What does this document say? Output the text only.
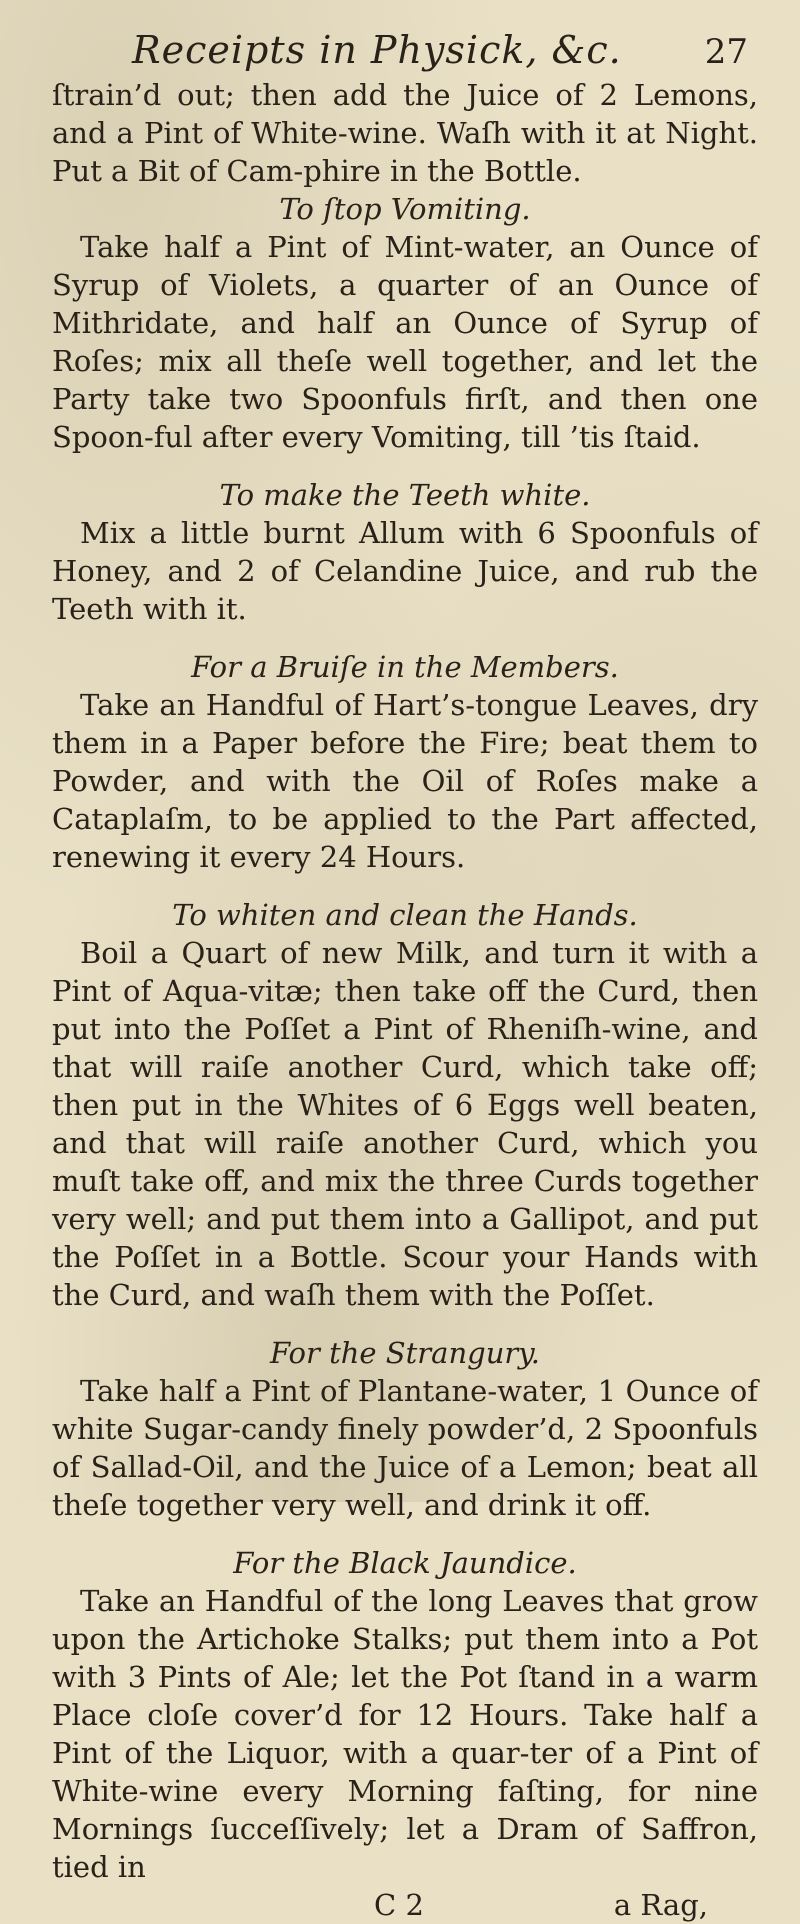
Receipts in Physick, &c. 27

ſtrain’d out; then add the Juice of 2 Lemons, and a Pint of White-wine. Waſh with it at Night. Put a Bit of Cam-phire in the Bottle.

To ſtop Vomiting.

Take half a Pint of Mint-water, an Ounce of Syrup of Violets, a quarter of an Ounce of Mithridate, and half an Ounce of Syrup of Roſes; mix all theſe well together, and let the Party take two Spoonfuls firſt, and then one Spoon-ful after every Vomiting, till ’tis ſtaid.

To make the Teeth white.

Mix a little burnt Allum with 6 Spoonfuls of Honey, and 2 of Celandine Juice, and rub the Teeth with it.

For a Bruiſe in the Members.

Take an Handful of Hart’s-tongue Leaves, dry them in a Paper before the Fire; beat them to Powder, and with the Oil of Roſes make a Cataplaſm, to be applied to the Part affected, renewing it every 24 Hours.

To whiten and clean the Hands.

Boil a Quart of new Milk, and turn it with a Pint of Aqua-vitæ; then take off the Curd, then put into the Poſſet a Pint of Rheniſh-wine, and that will raiſe another Curd, which take off; then put in the Whites of 6 Eggs well beaten, and that will raiſe another Curd, which you muſt take off, and mix the three Curds together very well; and put them into a Gallipot, and put the Poſſet in a Bottle. Scour your Hands with the Curd, and waſh them with the Poſſet.

For the Strangury.

Take half a Pint of Plantane-water, 1 Ounce of white Sugar-candy finely powder’d, 2 Spoonfuls of Sallad-Oil, and the Juice of a Lemon; beat all theſe together very well, and drink it off.

For the Black Jaundice.

Take an Handful of the long Leaves that grow upon the Artichoke Stalks; put them into a Pot with 3 Pints of Ale; let the Pot ſtand in a warm Place cloſe cover’d for 12 Hours. Take half a Pint of the Liquor, with a quar-ter of a Pint of White-wine every Morning faſting, for nine Mornings ſucceſſively; let a Dram of Saffron, tied in

C 2	a Rag,
